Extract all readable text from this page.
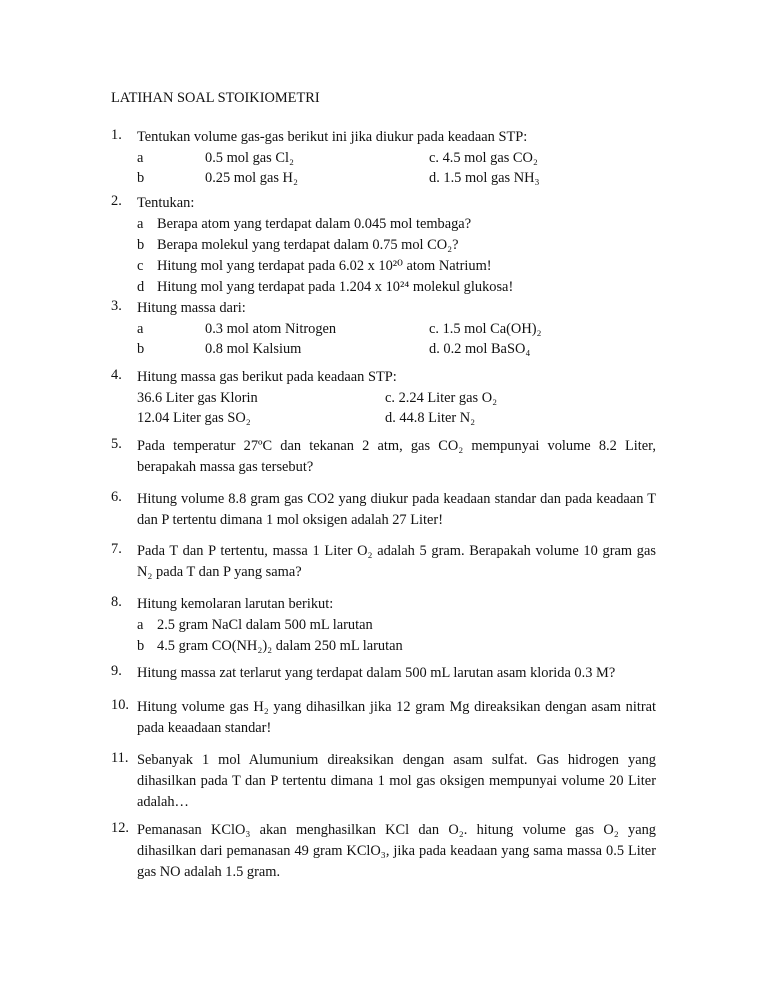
LATIHAN SOAL STOIKIOMETRI
1. Tentukan volume gas-gas berikut ini jika diukur pada keadaan STP:
a	0.5 mol gas Cl₂	c. 4.5 mol gas CO₂
b	0.25 mol gas H₂	d. 1.5 mol gas NH₃
2. Tentukan:
a Berapa atom yang terdapat dalam 0.045 mol tembaga?
b Berapa molekul yang terdapat dalam 0.75 mol CO₂?
c Hitung mol yang terdapat pada 6.02 x 10²⁰ atom Natrium!
d Hitung mol yang terdapat pada 1.204 x 10²⁴ molekul glukosa!
3. Hitung massa dari:
a	0.3 mol atom Nitrogen	c. 1.5 mol Ca(OH)₂
b	0.8 mol Kalsium	d. 0.2 mol BaSO₄
4. Hitung massa gas berikut pada keadaan STP:
36.6 Liter gas Klorin	c. 2.24 Liter gas O₂
12.04 Liter gas SO₂	d. 44.8 Liter N₂
5. Pada temperatur 27ºC dan tekanan 2 atm, gas CO₂ mempunyai volume 8.2 Liter, berapakah massa gas tersebut?
6. Hitung volume 8.8 gram gas CO2 yang diukur pada keadaan standar dan pada keadaan T dan P tertentu dimana 1 mol oksigen adalah 27 Liter!
7. Pada T dan P tertentu, massa 1 Liter O₂ adalah 5 gram. Berapakah volume 10 gram gas N₂ pada T dan P yang sama?
8. Hitung kemolaran larutan berikut:
a 2.5 gram NaCl dalam 500 mL larutan
b 4.5 gram CO(NH₂)₂ dalam 250 mL larutan
9. Hitung massa zat terlarut yang terdapat dalam 500 mL larutan asam klorida 0.3 M?
10. Hitung volume gas H₂ yang dihasilkan jika 12 gram Mg direaksikan dengan asam nitrat pada keaadaan standar!
11. Sebanyak 1 mol Alumunium direaksikan dengan asam sulfat. Gas hidrogen yang dihasilkan pada T dan P tertentu dimana 1 mol gas oksigen mempunyai volume 20 Liter adalah…
12. Pemanasan KClO₃ akan menghasilkan KCl dan O₂. hitung volume gas O₂ yang dihasilkan dari pemanasan 49 gram KClO₃, jika pada keadaan yang sama massa 0.5 Liter gas NO adalah 1.5 gram.
